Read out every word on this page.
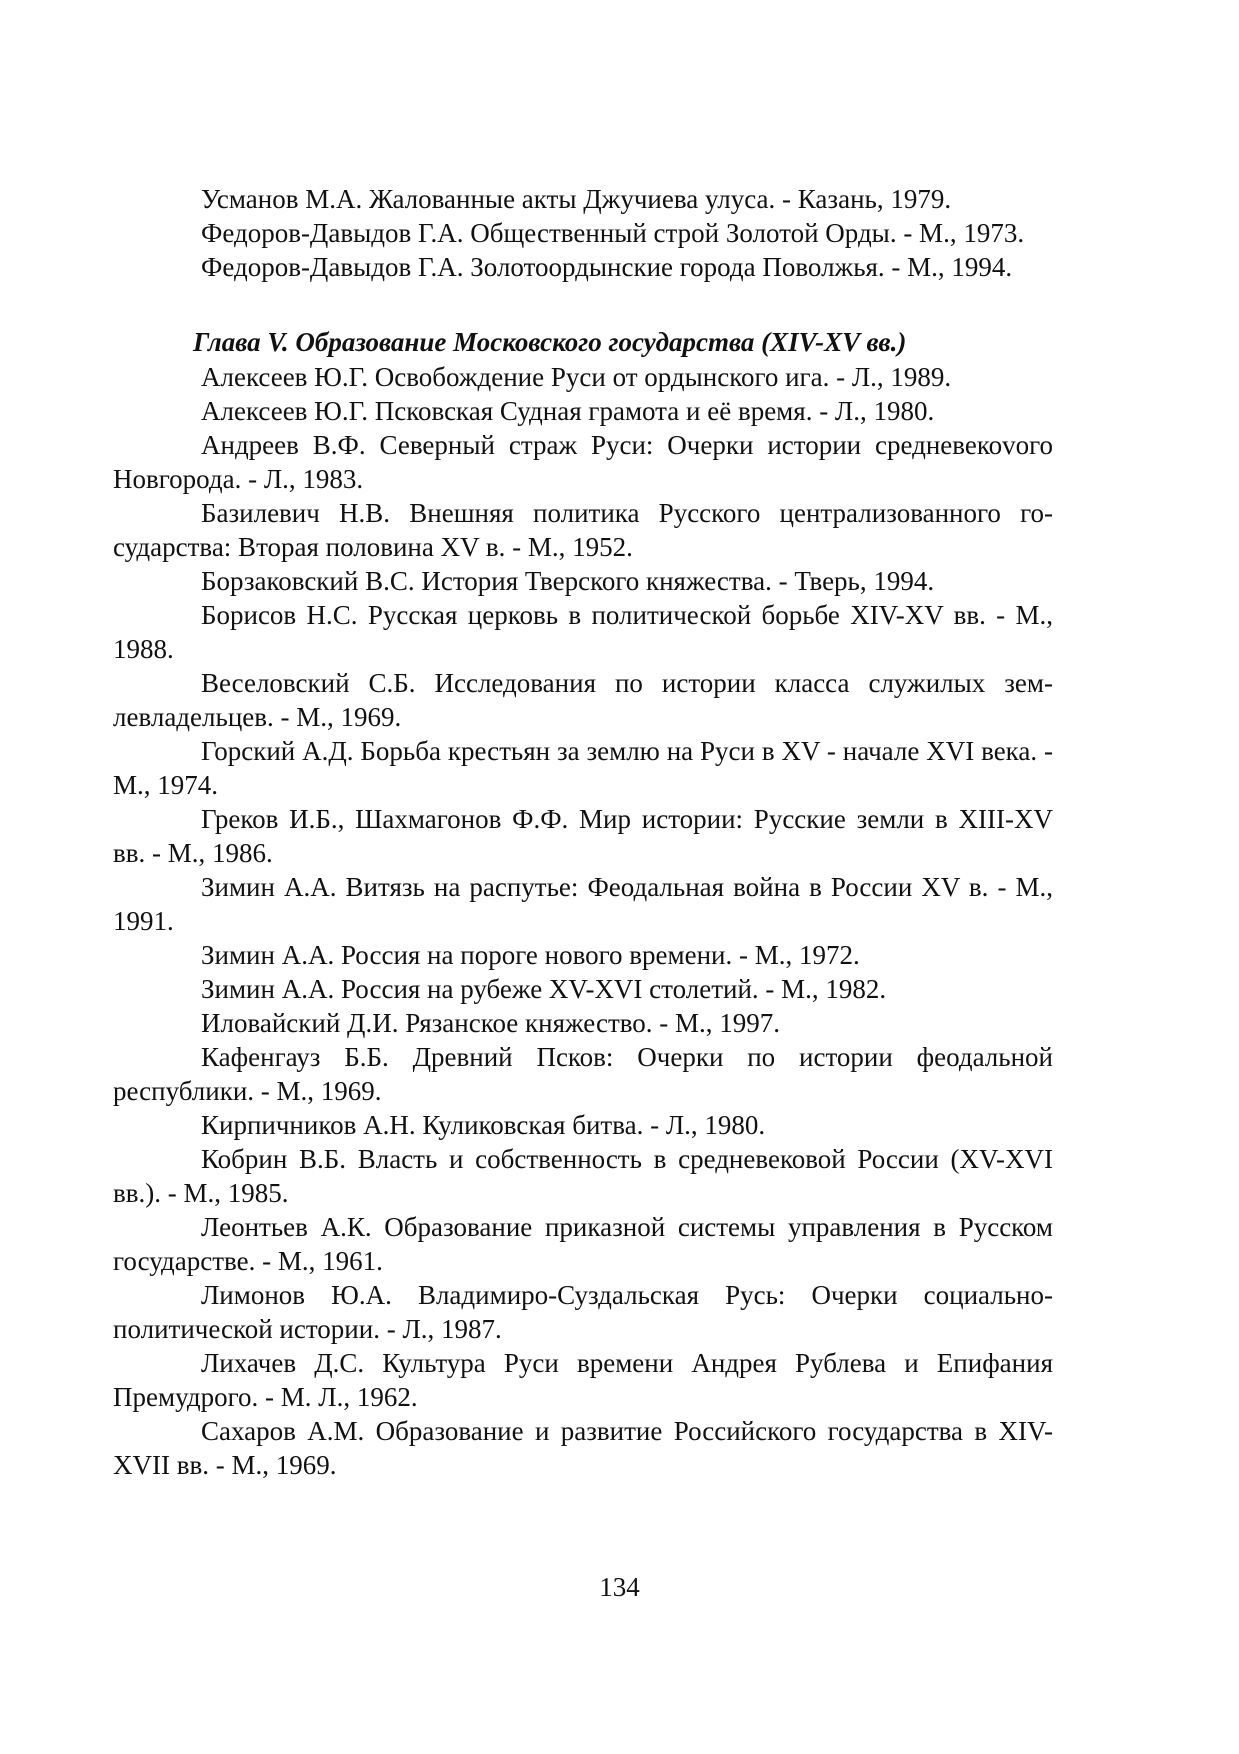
Усманов М.А. Жалованные акты Джучиева улуса. - Казань, 1979.

Федоров-Давыдов Г.А. Общественный строй Золотой Орды. - М., 1973.

Федоров-Давыдов Г.А. Золотоордынские города Поволжья. - М., 1994.

Глава V. Образование Московского государства (XIV-XV вв.)

Алексеев Ю.Г. Освобождение Руси от ордынского ига. - Л., 1989.

Алексеев Ю.Г. Псковская Судная грамота и её время. - Л., 1980.

Андреев В.Ф. Северный страж Руси: Очерки истории средневекоvого Новгорода. - Л., 1983.

Базилевич Н.В. Внешняя политика Русского централизованного государства: Вторая половина XV в. - М., 1952.

Борзаковский В.С. История Тверского княжества. - Тверь, 1994.

Борисов Н.С. Русская церковь в политической борьбе XIV-XV вв. - М., 1988.

Веселовский С.Б. Исследования по истории класса служилых землевладельцев. - М., 1969.

Горский А.Д. Борьба крестьян за землю на Руси в XV - начале XVI века. - М., 1974.

Греков И.Б., Шахмагонов Ф.Ф. Мир истории: Русские земли в XIII-XV вв. - М., 1986.

Зимин А.А. Витязь на распутье: Феодальная война в России XV в. - М., 1991.

Зимин А.А. Россия на пороге нового времени. - М., 1972.

Зимин А.А. Россия на рубеже XV-XVI столетий. - М., 1982.

Иловайский Д.И. Рязанское княжество. - М., 1997.

Кафенгауз Б.Б. Древний Псков: Очерки по истории феодальной республики. - М., 1969.

Кирпичников А.Н. Куликовская битва. - Л., 1980.

Кобрин В.Б. Власть и собственность в средневековой России (XV-XVI вв.). - М., 1985.

Леонтьев А.К. Образование приказной системы управления в Русском государстве. - М., 1961.

Лимонов Ю.А. Владимиро-Суздальская Русь: Очерки социально-политической истории. - Л., 1987.

Лихачев Д.С. Культура Руси времени Андрея Рублева и Епифания Премудрого. - М. Л., 1962.

Сахаров А.М. Образование и развитие Российского государства в XIV-XVII вв. - М., 1969.

134
